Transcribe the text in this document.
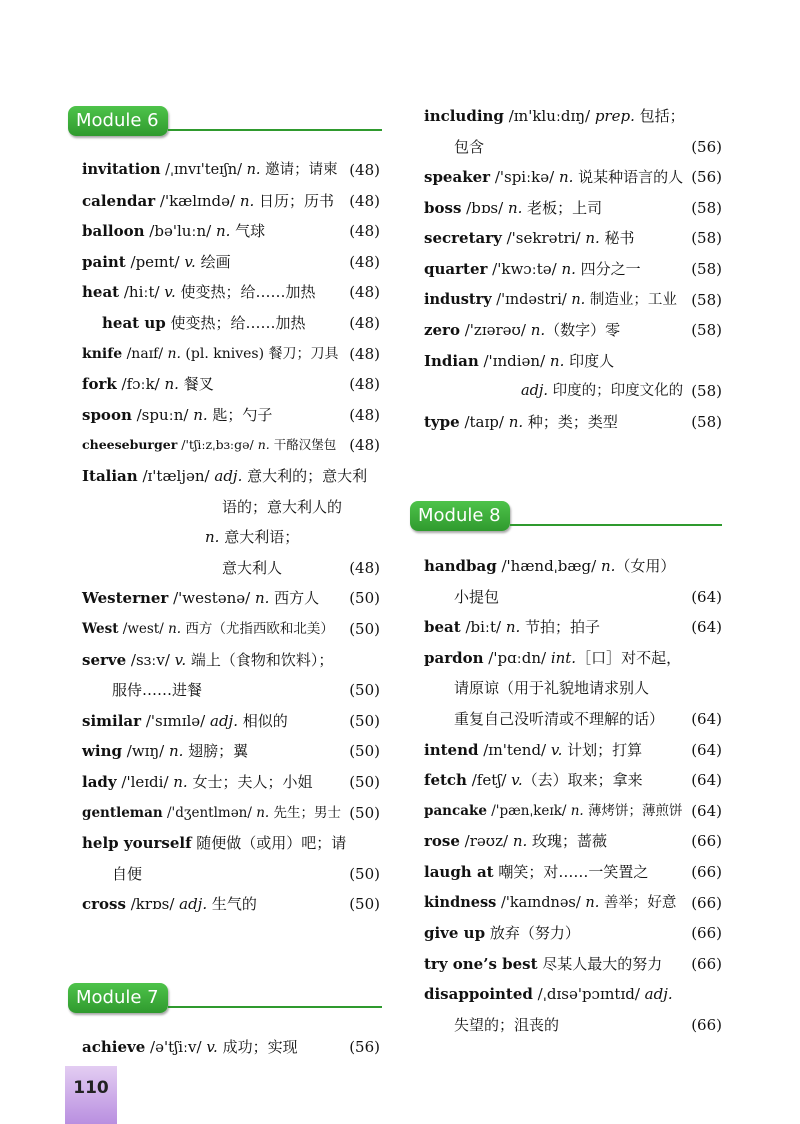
Module 6
Module 7
Module 8
invitation /ˌɪnvɪ'teɪʃn/ n. 邀请；请柬 (48)
calendar /'kælɪndə/ n. 日历；历书 (48)
balloon /bə'luːn/ n. 气球	(48)
paint /peɪnt/ v. 绘画	(48)
heat /hiːt/ v. 使变热；给……加热 (48)
heat up 使变热；给……加热	(48)
knife /naɪf/ n. (pl. knives) 餐刀；刀具 (48)
fork /fɔːk/ n. 餐叉	(48)
spoon /spuːn/ n. 匙；勺子	(48)
cheeseburger /'tʃiːzˌbɜːgə/ n. 干酪汉堡包 (48)
Italian /ɪ'tæljən/ adj. 意大利的；意大利
语的；意大利人的
n. 意大利语；
意大利人	(48)
Westerner /'westənə/ n. 西方人 (50)
West /west/ n. 西方（尤指西欧和北美） (50)
serve /sɜːv/ v. 端上（食物和饮料）；
服侍……进餐	(50)
similar /'sɪmɪlə/ adj. 相似的	(50)
wing /wɪŋ/ n. 翅膀；翼	(50)
lady /'leɪdi/ n. 女士；夫人；小姐 (50)
gentleman /'dʒentlmən/ n. 先生；男士 (50)
help yourself 随便做（或用）吧；请
自便	(50)
cross /krɒs/ adj. 生气的	(50)
achieve /ə'tʃiːv/ v. 成功；实现	(56)
including /ɪn'kluːdɪŋ/ prep. 包括；
包含	(56)
speaker /'spiːkə/ n. 说某种语言的人 (56)
boss /bɒs/ n. 老板；上司	(58)
secretary /'sekrətri/ n. 秘书	(58)
quarter /'kwɔːtə/ n. 四分之一	(58)
industry /'ɪndəstri/ n. 制造业；工业 (58)
zero /'zɪərəʊ/ n.（数字）零	(58)
Indian /'ɪndiən/ n. 印度人
adj. 印度的；印度文化的 (58)
type /taɪp/ n. 种；类；类型	(58)
handbag /'hændˌbæg/ n.（女用）
小提包	(64)
beat /biːt/ n. 节拍；拍子	(64)
pardon /'pɑːdn/ int.［口］对不起，
请原谅（用于礼貌地请求别人
重复自己没听清或不理解的话） (64)
intend /ɪn'tend/ v. 计划；打算	(64)
fetch /fetʃ/ v.（去）取来；拿来	(64)
pancake /'pænˌkeɪk/ n. 薄烤饼；薄煎饼 (64)
rose /rəʊz/ n. 玫瑰；蔷薇	(66)
laugh at 嘲笑；对……一笑置之	(66)
kindness /'kaɪndnəs/ n. 善举；好意 (66)
give up 放弃（努力）	(66)
try one’s best 尽某人最大的努力 (66)
disappointed /ˌdɪsə'pɔɪntɪd/ adj.
失望的；沮丧的	(66)
110
